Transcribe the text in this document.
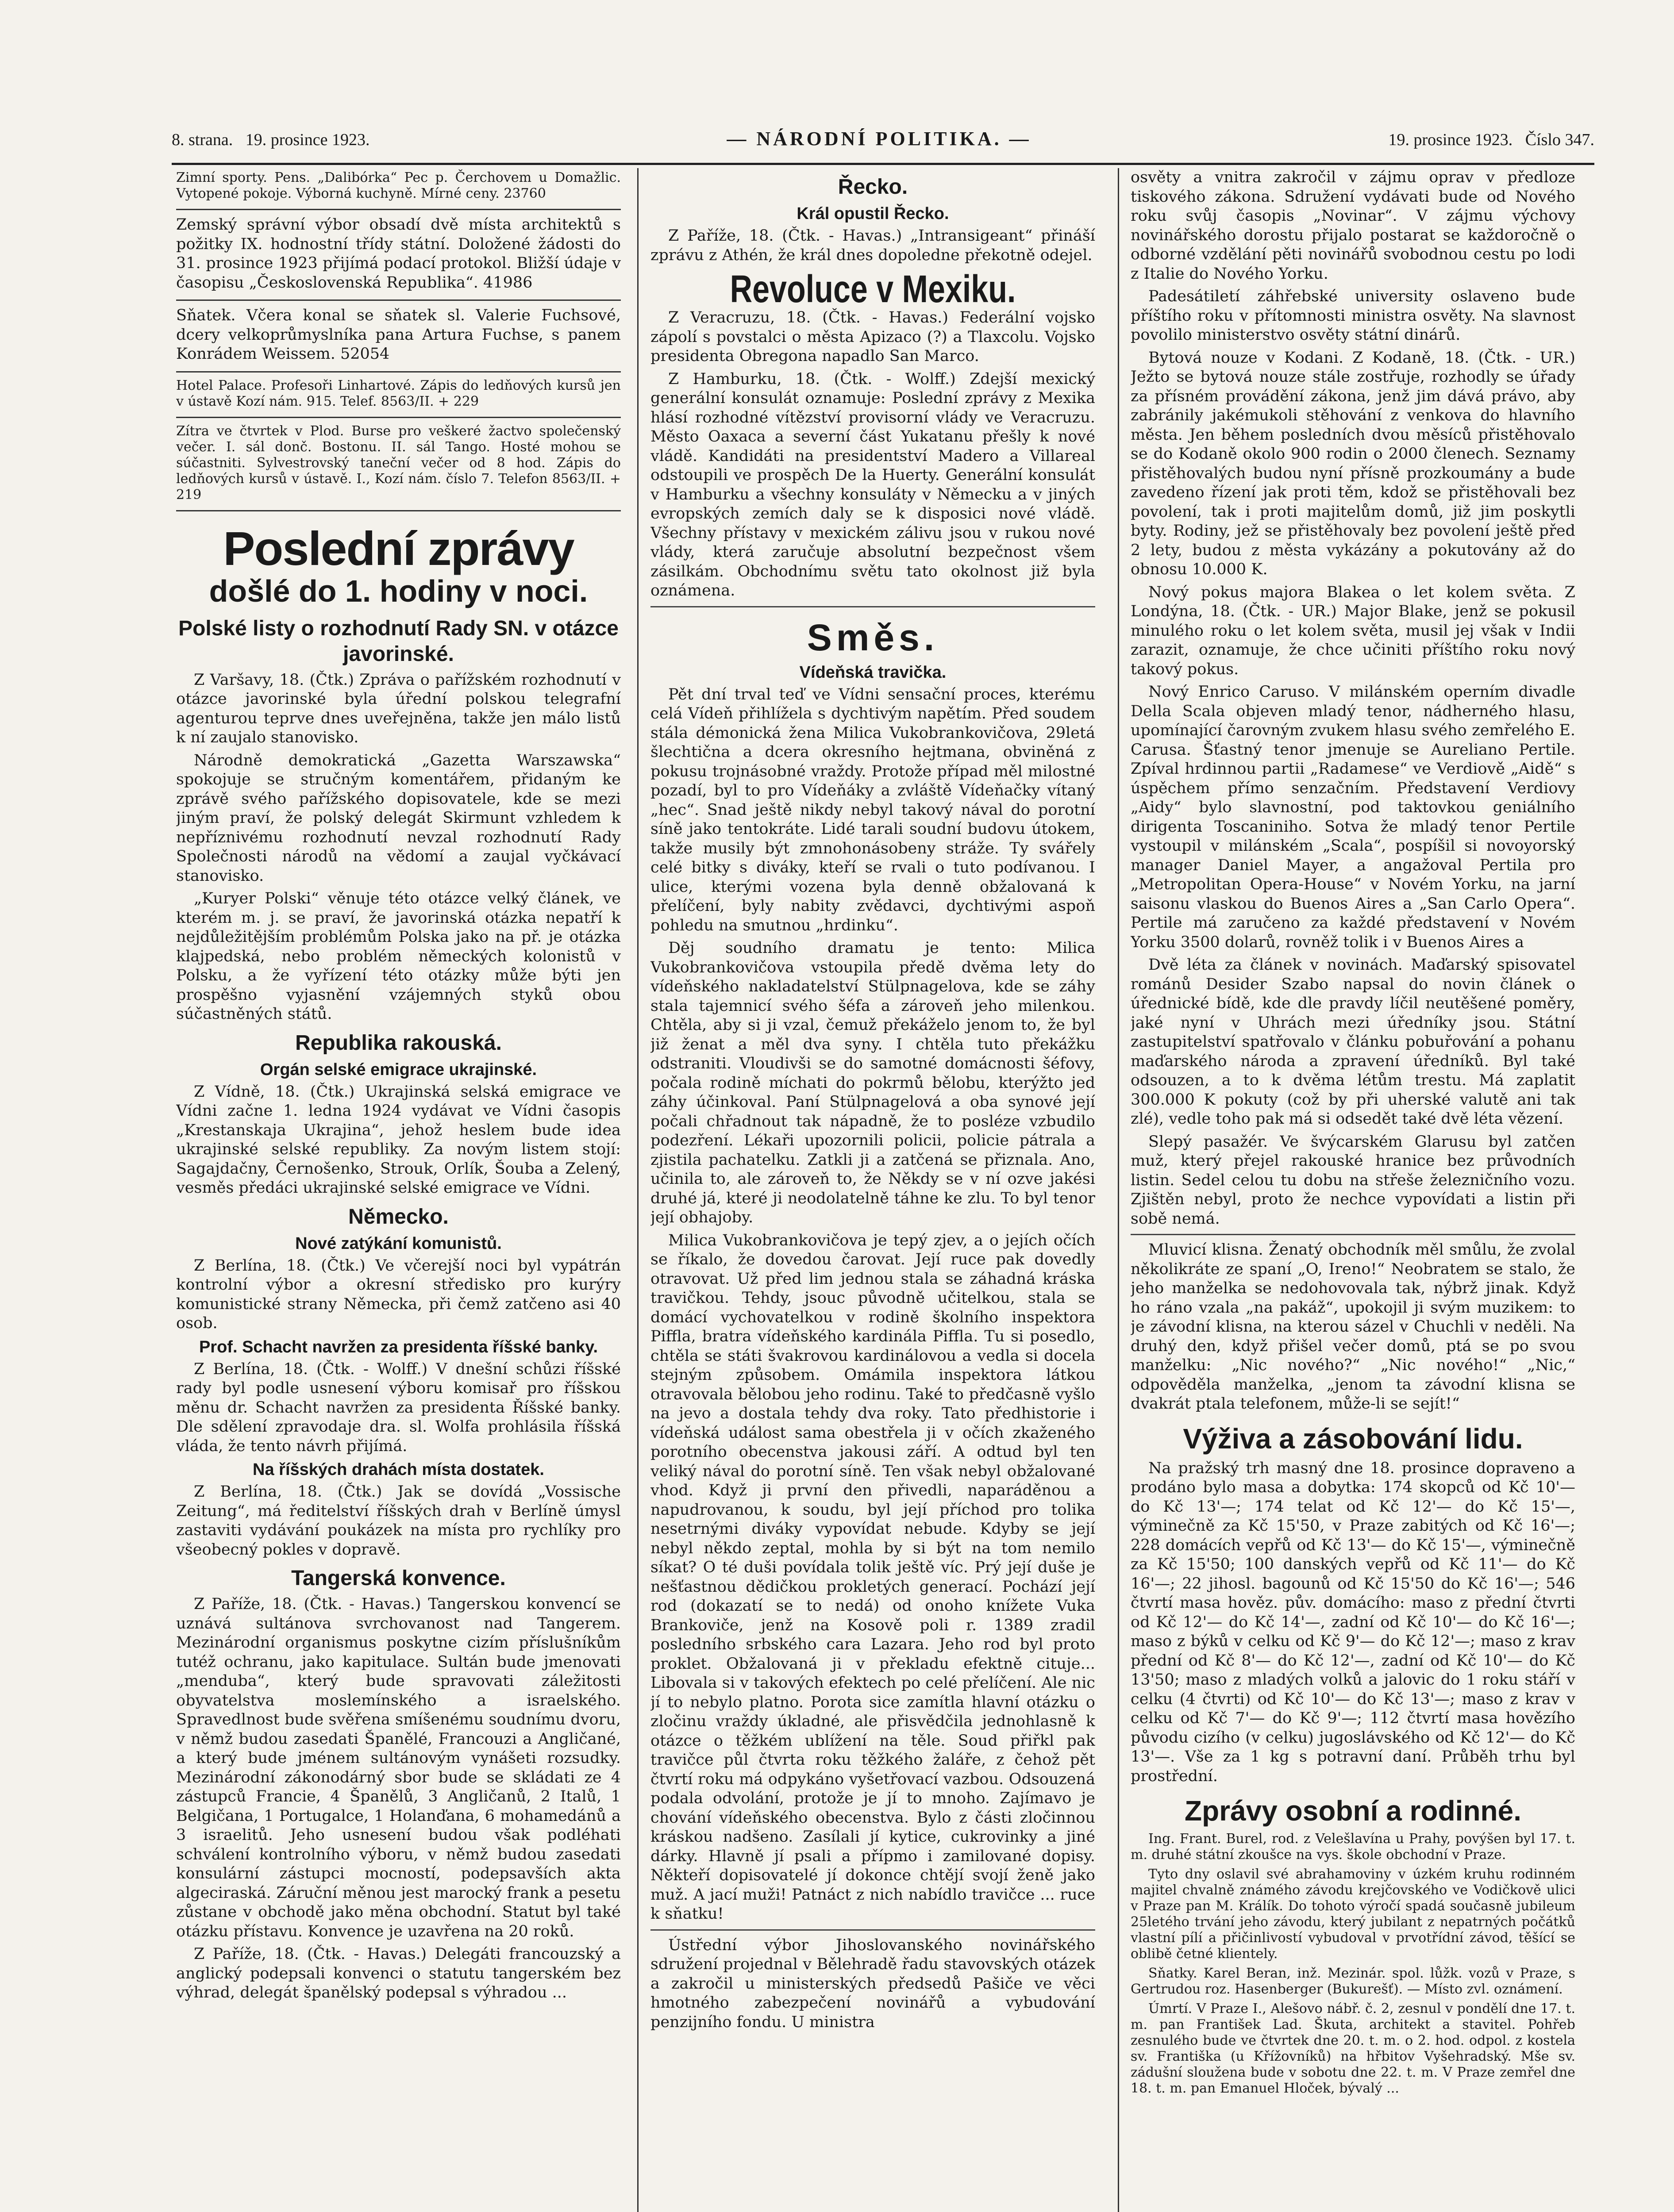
8. strana. 19. prosince 1923.	— NÁRODNÍ POLITIKA. —	19. prosince 1923. Číslo 347.

Zimní sporty. Pens. „Dalibórka“ Pec p. Čerchovem u Domažlic. Vytopené pokoje. Výborná kuchyně. Mírné ceny. 23760

Zemský správní výbor obsadí dvě místa architektů s požitky IX. hodnostní třídy státní. Doložené žádosti do 31. prosince 1923 přijímá podací protokol. Bližší údaje v časopisu „Československá Republika“. 41986

Sňatek. Včera konal se sňatek sl. Valerie Fuchsové, dcery velkoprůmyslníka pana Artura Fuchse, s panem Konrádem Weissem. 52054

Hotel Palace. Profesoři Linhartové. Zápis do ledňových kursů jen v ústavě Kozí nám. 915. Telef. 8563/II. + 229

Zítra ve čtvrtek v Plod. Burse pro veškeré žactvo společenský večer. I. sál donč. Bostonu. II. sál Tango. Hosté mohou se súčastniti. Sylvestrovský taneční večer od 8 hod. Zápis do ledňových kursů v ústavě. I., Kozí nám. číslo 7. Telefon 8563/II. + 219

Poslední zprávy
došlé do 1. hodiny v noci.
Polské listy o rozhodnutí Rady SN. v otázce javorinské.

Z Varšavy, 18. (Čtk.) Zpráva o pařížském rozhodnutí v otázce javorinské byla úřední polskou telegrafní agenturou teprve dnes uveřejněna, takže jen málo listů k ní zaujalo stanovisko.

Národně demokratická „Gazetta Warszawska“ spokojuje se stručným komentářem, přidaným ke zprávě svého pařížského dopisovatele, kde se mezi jiným praví, že polský delegát Skirmunt vzhledem k nepříznivému rozhodnutí nevzal rozhodnutí Rady Společnosti národů na vědomí a zaujal vyčkávací stanovisko.

„Kuryer Polski“ věnuje této otázce velký článek, ve kterém m. j. se praví, že javorinská otázka nepatří k nejdůležitějším problémům Polska jako na př. je otázka klajpedská, nebo problém německých kolonistů v Polsku, a že vyřízení této otázky může býti jen prospěšno vyjasnění vzájemných styků obou súčastněných států.

Republika rakouská.
Orgán selské emigrace ukrajinské.

Z Vídně, 18. (Čtk.) Ukrajinská selská emigrace ve Vídni začne 1. ledna 1924 vydávat ve Vídni časopis „Krestanskaja Ukrajina“, jehož heslem bude idea ukrajinské selské republiky. Za novým listem stojí: Sagajdačny, Černošenko, Strouk, Orlík, Šouba a Zelený, vesměs předáci ukrajinské selské emigrace ve Vídni.

Německo.
Nové zatýkání komunistů.

Z Berlína, 18. (Čtk.) Ve včerejší noci byl vypátrán kontrolní výbor a okresní středisko pro kurýry komunistické strany Německa, při čemž zatčeno asi 40 osob.

Prof. Schacht navržen za presidenta říšské banky.

Z Berlína, 18. (Čtk. - Wolff.) V dnešní schůzi říšské rady byl podle usnesení výboru komisař pro říšskou měnu dr. Schacht navržen za presidenta Říšské banky. Dle sdělení zpravodaje dra. sl. Wolfa prohlásila říšská vláda, že tento návrh přijímá.

Na říšských drahách místa dostatek.

Z Berlína, 18. (Čtk.) Jak se dovídá „Vossische Zeitung“, má ředitelství říšských drah v Berlíně úmysl zastaviti vydávání poukázek na místa pro rychlíky pro všeobecný pokles v dopravě.

Tangerská konvence.

Z Paříže, 18. (Čtk. - Havas.) Tangerskou konvencí se uznává sultánova svrchovanost nad Tangerem. Mezinárodní organismus poskytne cizím příslušníkům tutéž ochranu, jako kapitulace. Sultán bude jmenovati „menduba“, který bude spravovati záležitosti obyvatelstva moslemínského a israelského. Spravedlnost bude svěřena smíšenému soudnímu dvoru, v němž budou zasedati Španělé, Francouzi a Angličané, a který bude jménem sultánovým vynášeti rozsudky. Mezinárodní zákonodárný sbor bude se skládati ze 4 zástupců Francie, 4 Španělů, 3 Angličanů, 2 Italů, 1 Belgičana, 1 Portugalce, 1 Holanďana, 6 mohamedánů a 3 israelitů. Jeho usnesení budou však podléhati schválení kontrolního výboru, v němž budou zasedati konsulární zástupci mocností, podepsavších akta algeciraská. Záruční měnou jest marocký frank a pesetu zůstane v obchodě jako měna obchodní. Statut byl také otázku přístavu. Konvence je uzavřena na 20 roků.

Z Paříže, 18. (Čtk. - Havas.) Delegáti francouzský a anglický podepsali konvenci o statutu tangerském bez výhrad, delegát španělský podepsal s výhradou ...

Řecko.
Král opustil Řecko.

Z Paříže, 18. (Čtk. - Havas.) „Intransigeant“ přináší zprávu z Athén, že král dnes dopoledne překotně odejel.

Revoluce v Mexiku.

Z Veracruzu, 18. (Čtk. - Havas.) Federální vojsko zápolí s povstalci o města Apizaco (?) a Tlaxcolu. Vojsko presidenta Obregona napadlo San Marco.

Z Hamburku, 18. (Čtk. - Wolff.) Zdejší mexický generální konsulát oznamuje: Poslední zprávy z Mexika hlásí rozhodné vítězství provisorní vlády ve Veracruzu. Město Oaxaca a severní část Yukatanu přešly k nové vládě. Kandidáti na presidentství Madero a Villareal odstoupili ve prospěch De la Huerty. Generální konsulát v Hamburku a všechny konsuláty v Německu a v jiných evropských zemích daly se k disposici nové vládě. Všechny přístavy v mexickém zálivu jsou v rukou nové vlády, která zaručuje absolutní bezpečnost všem zásilkám. Obchodnímu světu tato okolnost již byla oznámena.

Směs.
Vídeňská travička.

Pět dní trval teď ve Vídni sensační proces, kterému celá Vídeň přihlížela s dychtivým napětím. Před soudem stála démonická žena Milica Vukobrankovičova, 29letá šlechtična a dcera okresního hejtmana, obviněná z pokusu trojnásobné vraždy. Protože případ měl milostné pozadí, byl to pro Vídeňáky a zvláště Vídeňačky vítaný „hec“. Snad ještě nikdy nebyl takový nával do porotní síně jako tentokráte. Lidé tarali soudní budovu útokem, takže musily být zmnohonásobeny stráže. Ty svářely celé bitky s diváky, kteří se rvali o tuto podívanou. I ulice, kterými vozena byla denně obžalovaná k přelíčení, byly nabity zvědavci, dychtivými aspoň pohledu na smutnou „hrdinku“.

Děj soudního dramatu je tento: Milica Vukobrankovičova vstoupila předě dvěma lety do vídeňského nakladatelství Stülpnagelova, kde se záhy stala tajemnicí svého šéfa a zároveň jeho milenkou. Chtěla, aby si ji vzal, čemuž překáželo jenom to, že byl již ženat a měl dva syny. I chtěla tuto překážku odstraniti. Vloudivši se do samotné domácnosti šéfovy, počala rodině míchati do pokrmů bělobu, kterýžto jed záhy účinkoval. Paní Stülpnagelová a oba synové její počali chřadnout tak nápadně, že to posléze vzbudilo podezření. Lékaři upozornili policii, policie pátrala a zjistila pachatelku. Zatkli ji a zatčená se přiznala. Ano, učinila to, ale zároveň to, že Někdy se v ní ozve jakési druhé já, které ji neodolatelně táhne ke zlu. To byl tenor její obhajoby.

Milica Vukobrankovičova je tepý zjev, a o jejích očích se říkalo, že dovedou čarovat. Její ruce pak dovedly otravovat. Už před lim jednou stala se záhadná kráska travičkou. Tehdy, jsouc původně učitelkou, stala se domácí vychovatelkou v rodině školního inspektora Piffla, bratra vídeňského kardinála Piffla. Tu si posedlo, chtěla se státi švakrovou kardinálovou a vedla si docela stejným způsobem. Omámila inspektora látkou otravovala bělobou jeho rodinu. Také to předčasně vyšlo na jevo a dostala tehdy dva roky. Tato předhistorie i vídeňská událost sama obestřela ji v očích zkaženého porotního obecenstva jakousi září. A odtud byl ten veliký nával do porotní síně. Ten však nebyl obžalované vhod. Když ji první den přivedli, naparáděnou a napudrovanou, k soudu, byl její příchod pro tolika nesetrnými diváky vypovídat nebude. Kdyby se její nebyl někdo zeptal, mohla by si být na tom nemilo síkat? O té duši povídala tolik ještě víc. Prý její duše je nešťastnou dědičkou prokletých generací. Pochází její rod (dokazatí se to nedá) od onoho knížete Vuka Brankoviče, jenž na Kosově poli r. 1389 zradil posledního srbského cara Lazara. Jeho rod byl proto proklet. Obžalovaná ji v překladu efektně cituje... Libovala si v takových efektech po celé přelíčení. Ale nic jí to nebylo platno. Porota sice zamítla hlavní otázku o zločinu vraždy úkladné, ale přisvědčila jednohlasně k otázce o těžkém ublížení na těle. Soud přiřkl pak travičce půl čtvrta roku těžkého žaláře, z čehož pět čtvrtí roku má odpykáno vyšetřovací vazbou. Odsouzená podala odvolání, protože je jí to mnoho. Zajímavo je chování vídeňského obecenstva. Bylo z části zločinnou kráskou nadšeno. Zasílali jí kytice, cukrovinky a jiné dárky. Hlavně jí psali a přípmo i zamilované dopisy. Někteří dopisovatelé jí dokonce chtějí svojí ženě jako muž. A jací muži! Patnáct z nich nabídlo travičce ... ruce k sňatku!

Ústřední výbor Jihoslovanského novinářského sdružení projednal v Bělehradě řadu stavovských otázek a zakročil u ministerských předsedů Pašiče ve věci hmotného zabezpečení novinářů a vybudování penzijního fondu. U ministra

osvěty a vnitra zakročil v zájmu oprav v předloze tiskového zákona. Sdružení vydávati bude od Nového roku svůj časopis „Novinar“. V zájmu výchovy novinářského dorostu přijalo postarat se každoročně o odborné vzdělání pěti novinářů svobodnou cestu po lodi z Italie do Nového Yorku.

Padesátiletí záhřebské university oslaveno bude příštího roku v přítomnosti ministra osvěty. Na slavnost povolilo ministerstvo osvěty státní dinárů.

Bytová nouze v Kodani. Z Kodaně, 18. (Čtk. - UR.) Ježto se bytová nouze stále zostřuje, rozhodly se úřady za přísném provádění zákona, jenž jim dává právo, aby zabránily jakémukoli stěhování z venkova do hlavního města. Jen během posledních dvou měsíců přistěhovalo se do Kodaně okolo 900 rodin o 2000 členech. Seznamy přistěhovalých budou nyní přísně prozkoumány a bude zavedeno řízení jak proti těm, kdož se přistěhovali bez povolení, tak i proti majitelům domů, již jim poskytli byty. Rodiny, jež se přistěhovaly bez povolení ještě před 2 lety, budou z města vykázány a pokutovány až do obnosu 10.000 K.

Nový pokus majora Blakea o let kolem světa. Z Londýna, 18. (Čtk. - UR.) Major Blake, jenž se pokusil minulého roku o let kolem světa, musil jej však v Indii zarazit, oznamuje, že chce učiniti příštího roku nový takový pokus.

Nový Enrico Caruso. V milánském operním divadle Della Scala objeven mladý tenor, nádherného hlasu, upomínající čarovným zvukem hlasu svého zemřelého E. Carusa. Šťastný tenor jmenuje se Aureliano Pertile. Zpíval hrdinnou partii „Radamese“ ve Verdiově „Aidě“ s úspěchem přímo senzačním. Představení Verdiovy „Aidy“ bylo slavnostní, pod taktovkou geniálního dirigenta Toscaniniho. Sotva že mladý tenor Pertile vystoupil v milánském „Scala“, pospíšil si novoyorský manager Daniel Mayer, a angažoval Pertila pro „Metropolitan Opera-House“ v Novém Yorku, na jarní saisonu vlaskou do Buenos Aires a „San Carlo Opera“. Pertile má zaručeno za každé představení v Novém Yorku 3500 dolarů, rovněž tolik i v Buenos Aires a

Dvě léta za článek v novinách. Maďarský spisovatel románů Desider Szabo napsal do novin článek o úřednické bídě, kde dle pravdy líčil neutěšené poměry, jaké nyní v Uhrách mezi úředníky jsou. Státní zastupitelství spatřovalo v článku pobuřování a pohanu maďarského národa a zpravení úředníků. Byl také odsouzen, a to k dvěma létům trestu. Má zaplatit 300.000 K pokuty (což by při uherské valutě ani tak zlé), vedle toho pak má si odsedět také dvě léta vězení.

Slepý pasažér. Ve švýcarském Glarusu byl zatčen muž, který přejel rakouské hranice bez průvodních listin. Sedel celou tu dobu na střeše železničního vozu. Zjištěn nebyl, proto že nechce vypovídati a listin při sobě nemá.

Mluvicí klisna. Ženatý obchodník měl smůlu, že zvolal několikráte ze spaní „O, Ireno!“ Neobratem se stalo, že jeho manželka se nedohovovala tak, nýbrž jinak. Když ho ráno vzala „na pakáž“, upokojil ji svým muzikem: to je závodní klisna, na kterou sázel v Chuchli v neděli. Na druhý den, když přišel večer domů, ptá se po svou manželku: „Nic nového?“ „Nic nového!“ „Nic,“ odpověděla manželka, „jenom ta závodní klisna se dvakrát ptala telefonem, může-li se sejít!“

Výživa a zásobování lidu.

Na pražský trh masný dne 18. prosince dopraveno a prodáno bylo masa a dobytka: 174 skopců od Kč 10'— do Kč 13'—; 174 telat od Kč 12'— do Kč 15'—, výminečně za Kč 15'50, v Praze zabitých od Kč 16'—; 228 domácích vepřů od Kč 13'— do Kč 15'—, výminečně za Kč 15'50; 100 danských vepřů od Kč 11'— do Kč 16'—; 22 jihosl. bagounů od Kč 15'50 do Kč 16'—; 546 čtvrtí masa hověz. pův. domácího: maso z přední čtvrti od Kč 12'— do Kč 14'—, zadní od Kč 10'— do Kč 16'—; maso z býků v celku od Kč 9'— do Kč 12'—; maso z krav přední od Kč 8'— do Kč 12'—, zadní od Kč 10'— do Kč 13'50; maso z mladých volků a jalovic do 1 roku stáří v celku (4 čtvrti) od Kč 10'— do Kč 13'—; maso z krav v celku od Kč 7'— do Kč 9'—; 112 čtvrtí masa hovězího původu cizího (v celku) jugoslávského od Kč 12'— do Kč 13'—. Vše za 1 kg s potravní daní. Průběh trhu byl prostřední.

Zprávy osobní a rodinné.

Ing. Frant. Burel, rod. z Velešlavína u Prahy, povýšen byl 17. t. m. druhé státní zkoušce na vys. škole obchodní v Praze.

Tyto dny oslavil své abrahamoviny v úzkém kruhu rodinném majitel chvalně známého závodu krejčovského ve Vodičkově ulici v Praze pan M. Králík. Do tohoto výročí spadá současně jubileum 25letého trvání jeho závodu, který jubilant z nepatrných počátků vlastní pílí a přičinlivostí vybudoval v prvotřídní závod, těšící se oblibě četné klientely.

Sňatky. Karel Beran, inž. Mezinár. spol. lůžk. vozů v Praze, s Gertrudou roz. Hasenberger (Bukurešť). — Místo zvl. oznámení.

Úmrtí. V Praze I., Alešovo nábř. č. 2, zesnul v pondělí dne 17. t. m. pan František Lad. Škuta, architekt a stavitel. Pohřeb zesnulého bude ve čtvrtek dne 20. t. m. o 2. hod. odpol. z kostela sv. Františka (u Křížovníků) na hřbitov Vyšehradský. Mše sv. zádušní sloužena bude v sobotu dne 22. t. m. V Praze zemřel dne 18. t. m. pan Emanuel Hloček, bývalý ...
